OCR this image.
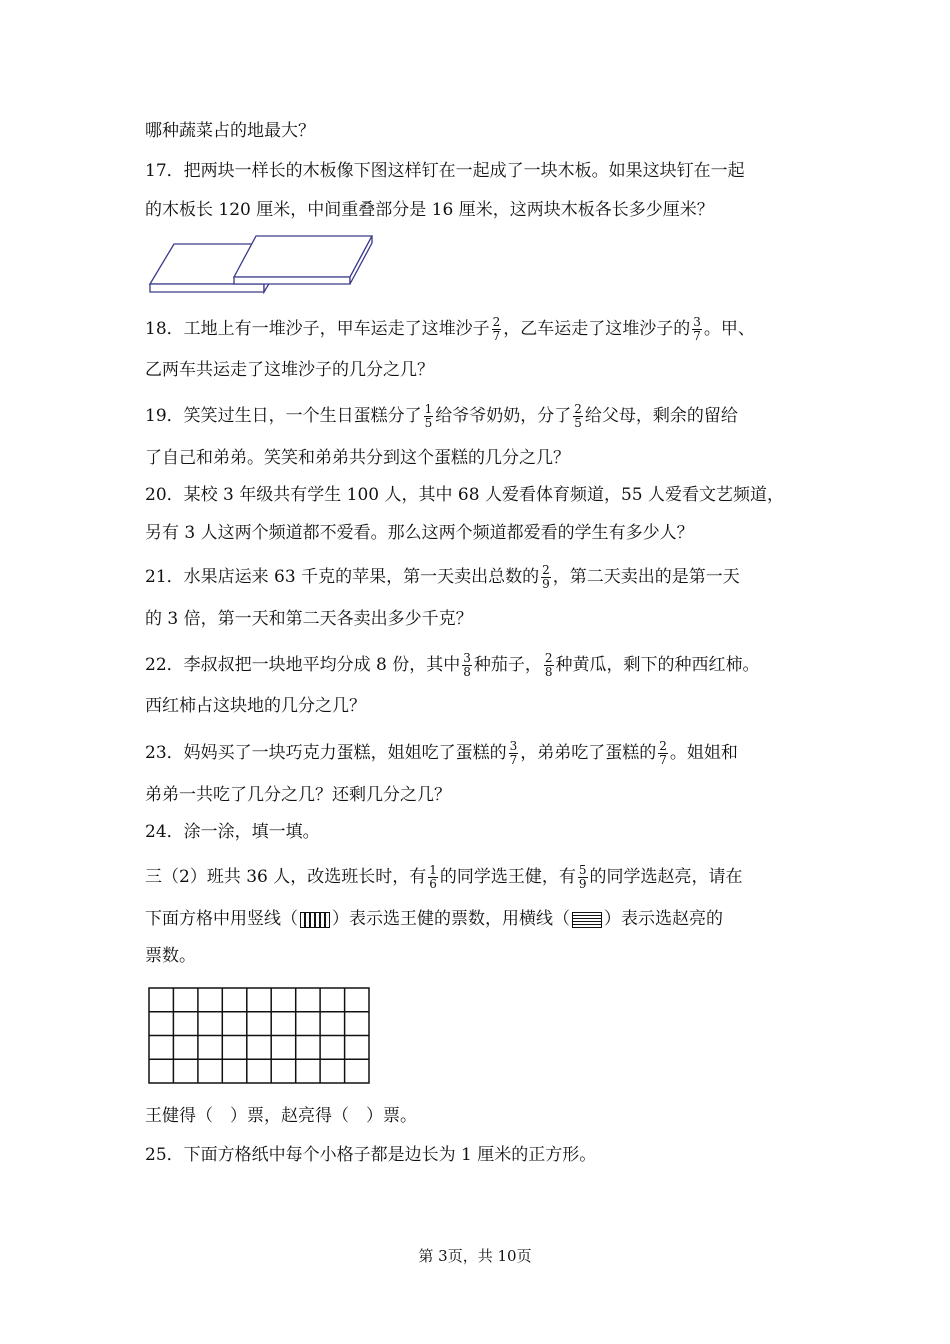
哪种蔬菜占的地最大？
17．把两块一样长的木板像下图这样钉在一起成了一块木板。如果这块钉在一起
的木板长 120 厘米，中间重叠部分是 16 厘米，这两块木板各长多少厘米？
18．工地上有一堆沙子，甲车运走了这堆沙子 $\frac{2}{7}$ ，乙车运走了这堆沙子的 $\frac{3}{7}$ 。甲、
乙两车共运走了这堆沙子的几分之几？
19．笑笑过生日，一个生日蛋糕分了 $\frac{1}{5}$ 给爷爷奶奶，分了 $\frac{2}{5}$ 给父母，剩余的留给
了自己和弟弟。笑笑和弟弟共分到这个蛋糕的几分之几？
20．某校 3 年级共有学生 100 人，其中 68 人爱看体育频道，55 人爱看文艺频道，
另有 3 人这两个频道都不爱看。那么这两个频道都爱看的学生有多少人？
21．水果店运来 63 千克的苹果，第一天卖出总数的 $\frac{2}{9}$ ，第二天卖出的是第一天
的 3 倍，第一天和第二天各卖出多少千克？
22．李叔叔把一块地平均分成 8 份，其中 $\frac{3}{8}$ 种茄子， $\frac{2}{8}$ 种黄瓜，剩下的种西红柿。
西红柿占这块地的几分之几？
23．妈妈买了一块巧克力蛋糕，姐姐吃了蛋糕的 $\frac{3}{7}$ ，弟弟吃了蛋糕的 $\frac{2}{7}$ 。姐姐和
弟弟一共吃了几分之几？还剩几分之几？
24．涂一涂，填一填。
三（2）班共 36 人，改选班长时，有 $\frac{1}{6}$ 的同学选王健，有 $\frac{5}{9}$ 的同学选赵亮，请在
下面方格中用竖线（ ）表示选王健的票数，用横线（ ）表示选赵亮的
票数。
王健得（　）票，赵亮得（　）票。
25．下面方格纸中每个小格子都是边长为 1 厘米的正方形。
第 3页，共 10页
